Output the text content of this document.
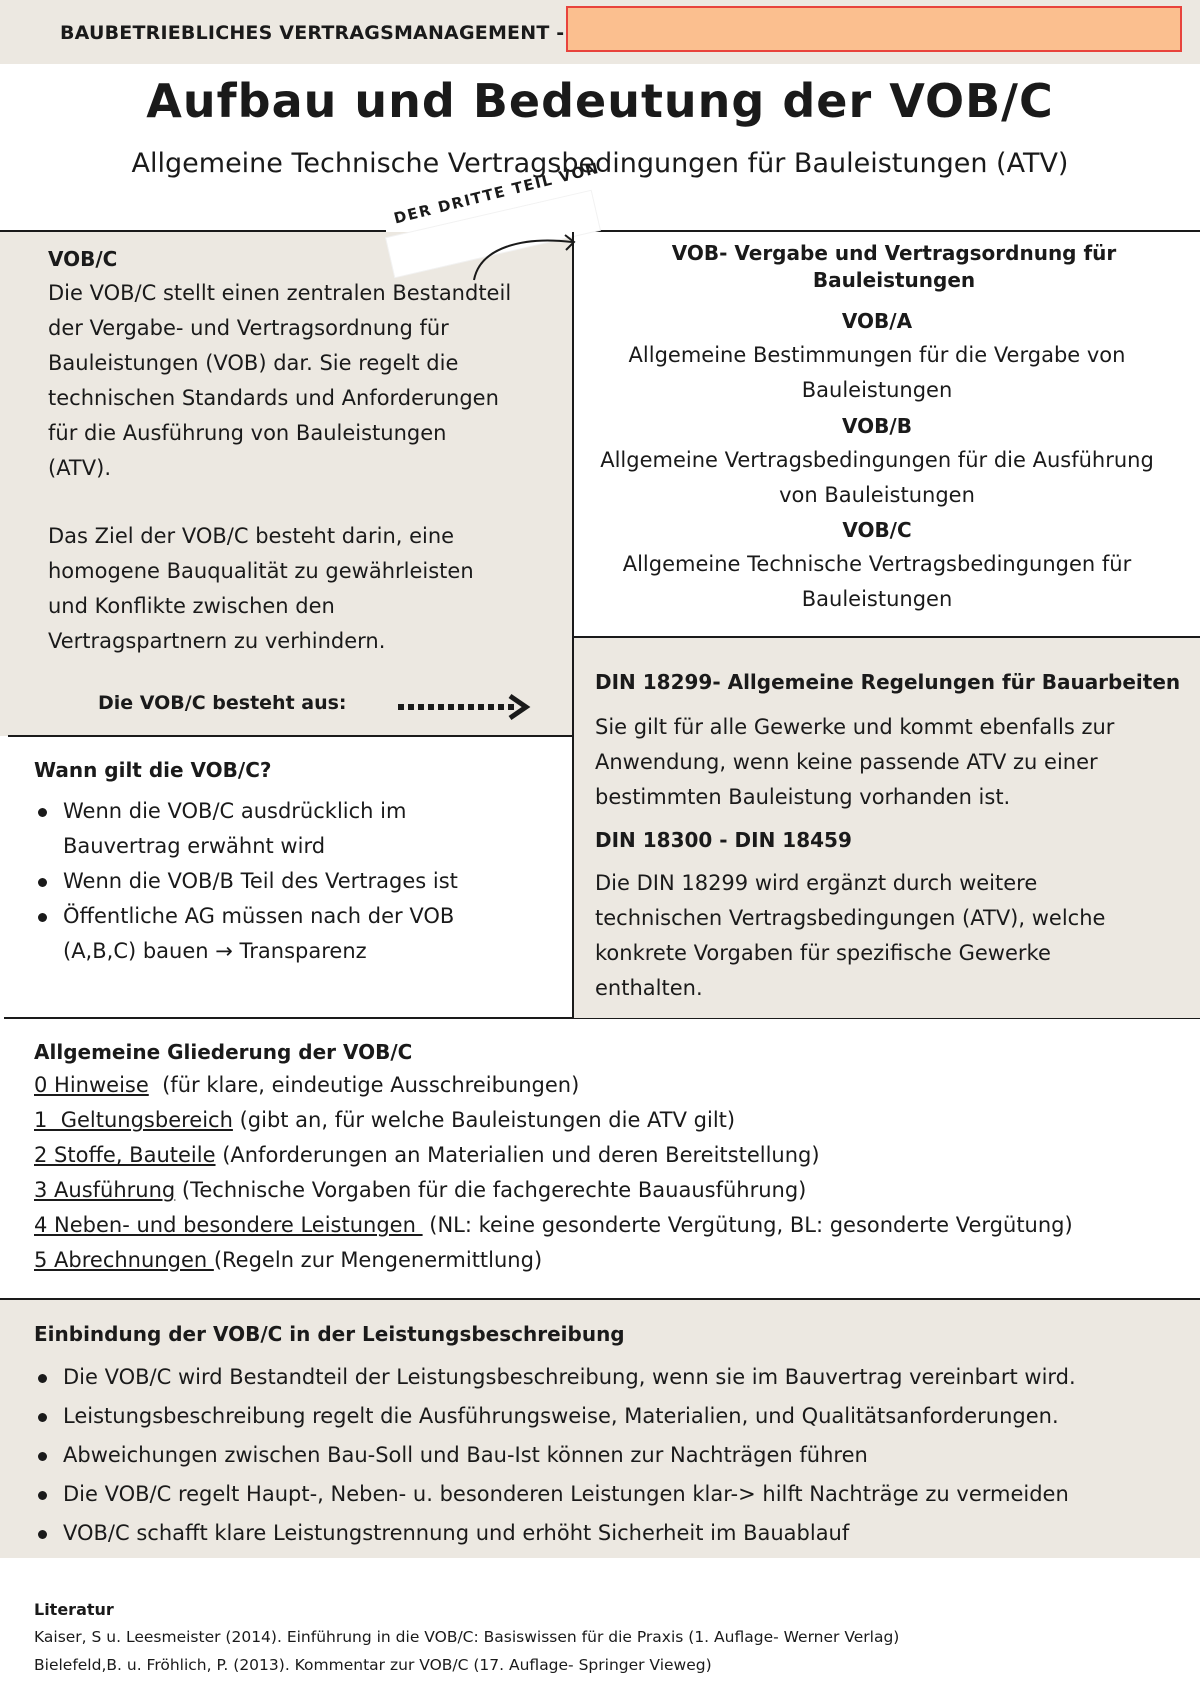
BAUBETRIEBLICHES VERTRAGSMANAGEMENT -
Aufbau und Bedeutung der VOB/C
Allgemeine Technische Vertragsbedingungen für Bauleistungen (ATV)
DER DRITTE TEIL VON
VOB/C
Die VOB/C stellt einen zentralen Bestandteil
der Vergabe- und Vertragsordnung für
Bauleistungen (VOB) dar. Sie regelt die
technischen Standards und Anforderungen
für die Ausführung von Bauleistungen
(ATV).
Das Ziel der VOB/C besteht darin, eine
homogene Bauqualität zu gewährleisten
und Konflikte zwischen den
Vertragspartnern zu verhindern.
Die VOB/C besteht aus:
VOB- Vergabe und Vertragsordnung für
Bauleistungen
VOB/A
Allgemeine Bestimmungen für die Vergabe von
Bauleistungen
VOB/B
Allgemeine Vertragsbedingungen für die Ausführung
von Bauleistungen
VOB/C
Allgemeine Technische Vertragsbedingungen für
Bauleistungen
DIN 18299- Allgemeine Regelungen für Bauarbeiten
Sie gilt für alle Gewerke und kommt ebenfalls zur
Anwendung, wenn keine passende ATV zu einer
bestimmten Bauleistung vorhanden ist.
DIN 18300 - DIN 18459
Die DIN 18299 wird ergänzt durch weitere
technischen Vertragsbedingungen (ATV), welche
konkrete Vorgaben für spezifische Gewerke
enthalten.
Wann gilt die VOB/C?
Wenn die VOB/C ausdrücklich im
Bauvertrag erwähnt wird
Wenn die VOB/B Teil des Vertrages ist
Öffentliche AG müssen nach der VOB
(A,B,C) bauen → Transparenz
Allgemeine Gliederung der VOB/C
0 Hinweise  (für klare, eindeutige Ausschreibungen)
1  Geltungsbereich (gibt an, für welche Bauleistungen die ATV gilt)
2 Stoffe, Bauteile (Anforderungen an Materialien und deren Bereitstellung)
3 Ausführung (Technische Vorgaben für die fachgerechte Bauausführung)
4 Neben- und besondere Leistungen  (NL: keine gesonderte Vergütung, BL: gesonderte Vergütung)
5 Abrechnungen (Regeln zur Mengenermittlung)
Einbindung der VOB/C in der Leistungsbeschreibung
Die VOB/C wird Bestandteil der Leistungsbeschreibung, wenn sie im Bauvertrag vereinbart wird.
Leistungsbeschreibung regelt die Ausführungsweise, Materialien, und Qualitätsanforderungen.
Abweichungen zwischen Bau-Soll und Bau-Ist können zur Nachträgen führen
Die VOB/C regelt Haupt-, Neben- u. besonderen Leistungen klar-> hilft Nachträge zu vermeiden
VOB/C schafft klare Leistungstrennung und erhöht Sicherheit im Bauablauf
Literatur
Kaiser, S u. Leesmeister (2014). Einführung in die VOB/C: Basiswissen für die Praxis (1. Auflage- Werner Verlag)
Bielefeld,B. u. Fröhlich, P. (2013). Kommentar zur VOB/C (17. Auflage- Springer Vieweg)
